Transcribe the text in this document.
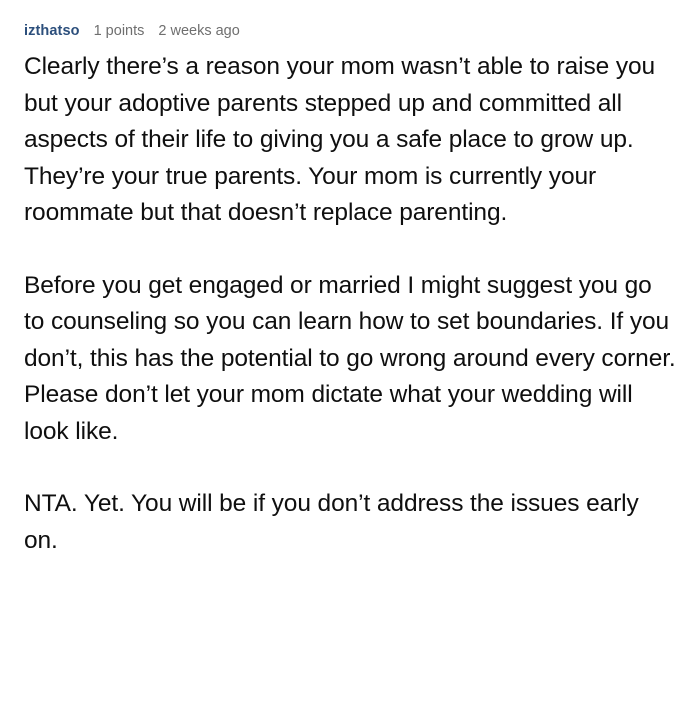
izthatso 1 points 2 weeks ago

Clearly there’s a reason your mom wasn’t able to raise you but your adoptive parents stepped up and committed all aspects of their life to giving you a safe place to grow up. They’re your true parents. Your mom is currently your roommate but that doesn’t replace parenting.

Before you get engaged or married I might suggest you go to counseling so you can learn how to set boundaries. If you don’t, this has the potential to go wrong around every corner. Please don’t let your mom dictate what your wedding will look like.

NTA. Yet. You will be if you don’t address the issues early on.
